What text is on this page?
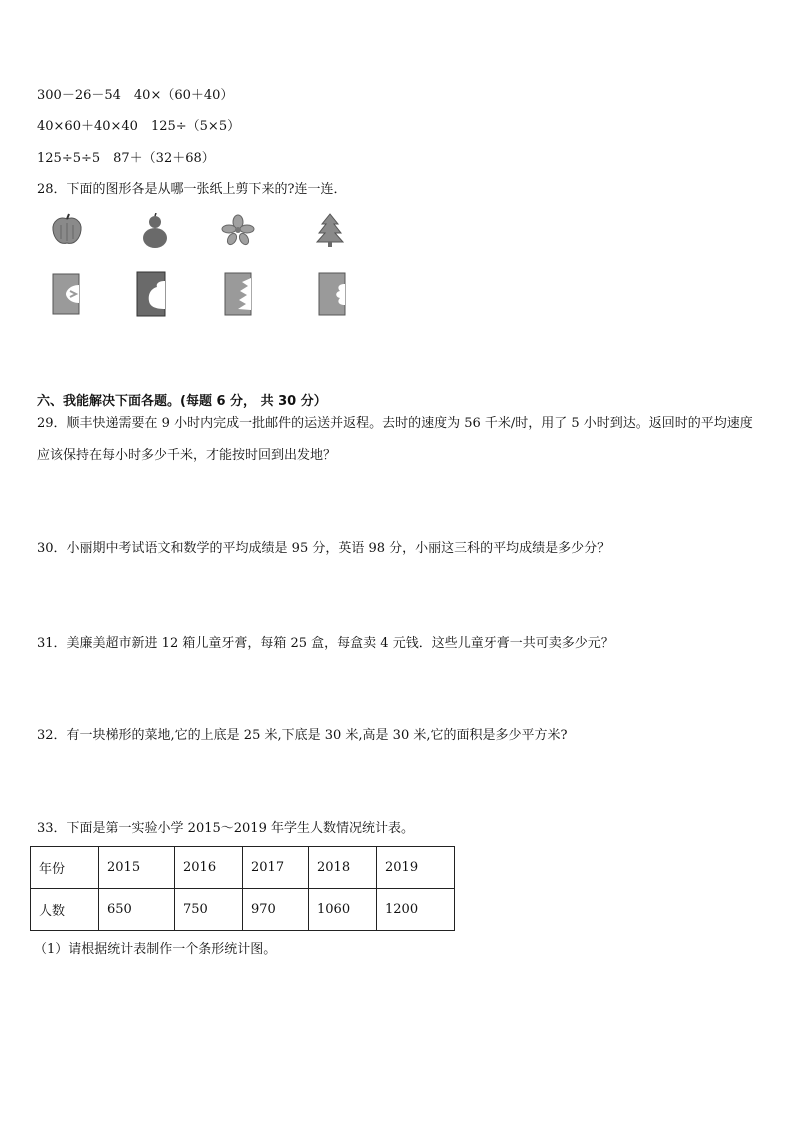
300－26－54　40×（60＋40）
40×60＋40×40　125÷（5×5）
125÷5÷5　87＋（32＋68）
28．下面的图形各是从哪一张纸上剪下来的?连一连．
六、我能解决下面各题。(每题 6 分， 共 30 分）
29．顺丰快递需要在 9 小时内完成一批邮件的运送并返程。去时的速度为 56 千米/时，用了 5 小时到达。返回时的平均速度应该保持在每小时多少千米，才能按时回到出发地？
30．小丽期中考试语文和数学的平均成绩是 95 分，英语 98 分，小丽这三科的平均成绩是多少分？
31．美廉美超市新进 12 箱儿童牙膏，每箱 25 盒，每盒卖 4 元钱．这些儿童牙膏一共可卖多少元？
32．有一块梯形的菜地,它的上底是 25 米,下底是 30 米,高是 30 米,它的面积是多少平方米?
33．下面是第一实验小学 2015～2019 年学生人数情况统计表。
年份	2015	2016	2017	2018	2019
人数	650	750	970	1060	1200
（1）请根据统计表制作一个条形统计图。
